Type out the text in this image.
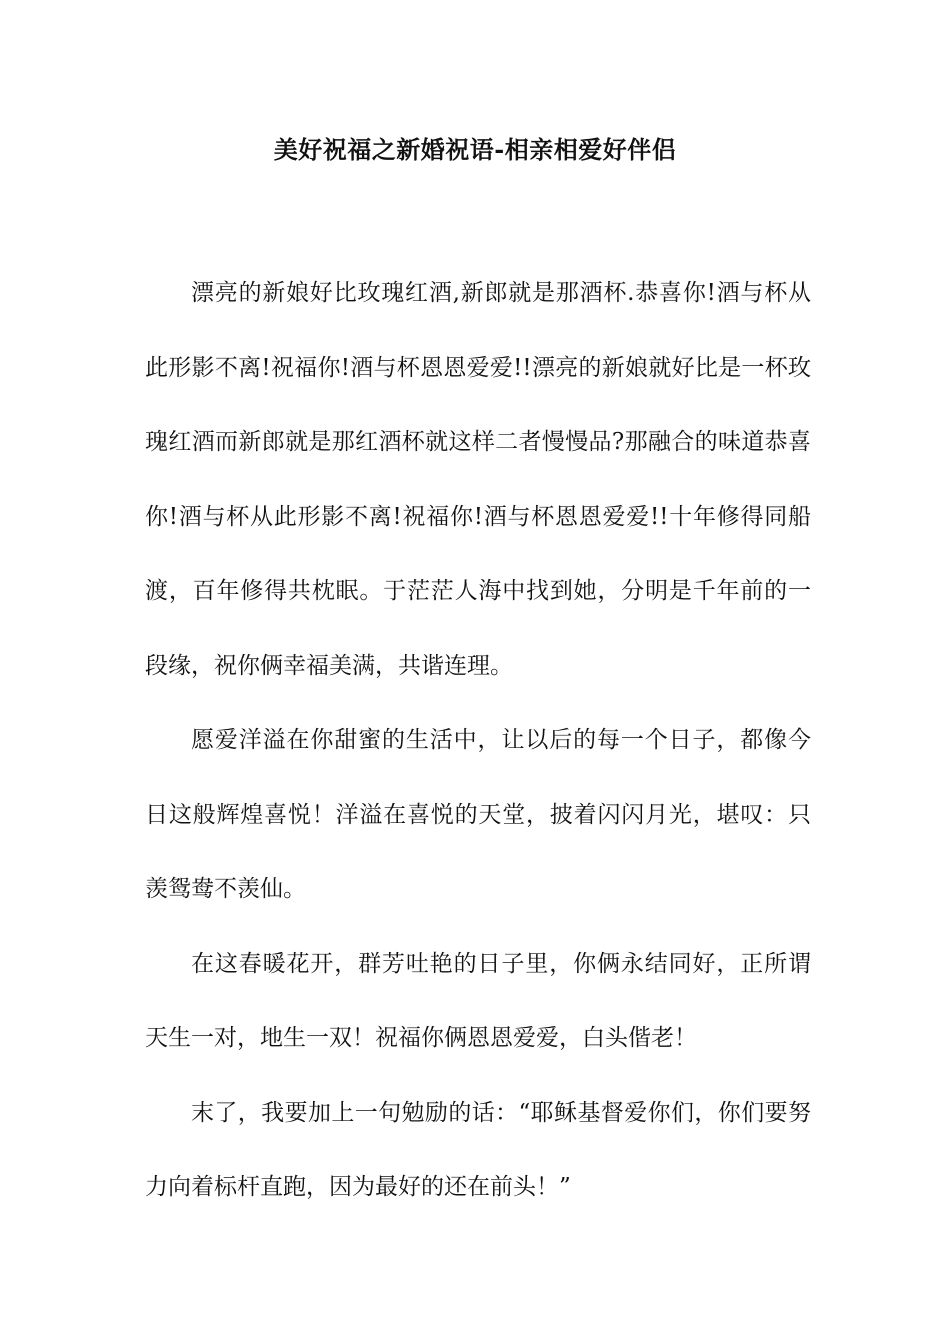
美好祝福之新婚祝语-相亲相爱好伴侣

漂亮的新娘好比玫瑰红酒,新郎就是那酒杯.恭喜你!酒与杯从此形影不离!祝福你!酒与杯恩恩爱爱!!漂亮的新娘就好比是一杯玫瑰红酒而新郎就是那红酒杯就这样二者慢慢品?那融合的味道恭喜你!酒与杯从此形影不离!祝福你!酒与杯恩恩爱爱!!十年修得同船渡，百年修得共枕眠。于茫茫人海中找到她，分明是千年前的一段缘，祝你俩幸福美满，共谐连理。

愿爱洋溢在你甜蜜的生活中，让以后的每一个日子，都像今日这般辉煌喜悦！洋溢在喜悦的天堂，披着闪闪月光，堪叹：只羡鸳鸯不羡仙。

在这春暖花开，群芳吐艳的日子里，你俩永结同好，正所谓天生一对，地生一双！祝福你俩恩恩爱爱，白头偕老！

末了，我要加上一句勉励的话：“耶稣基督爱你们，你们要努力向着标杆直跑，因为最好的还在前头！”
